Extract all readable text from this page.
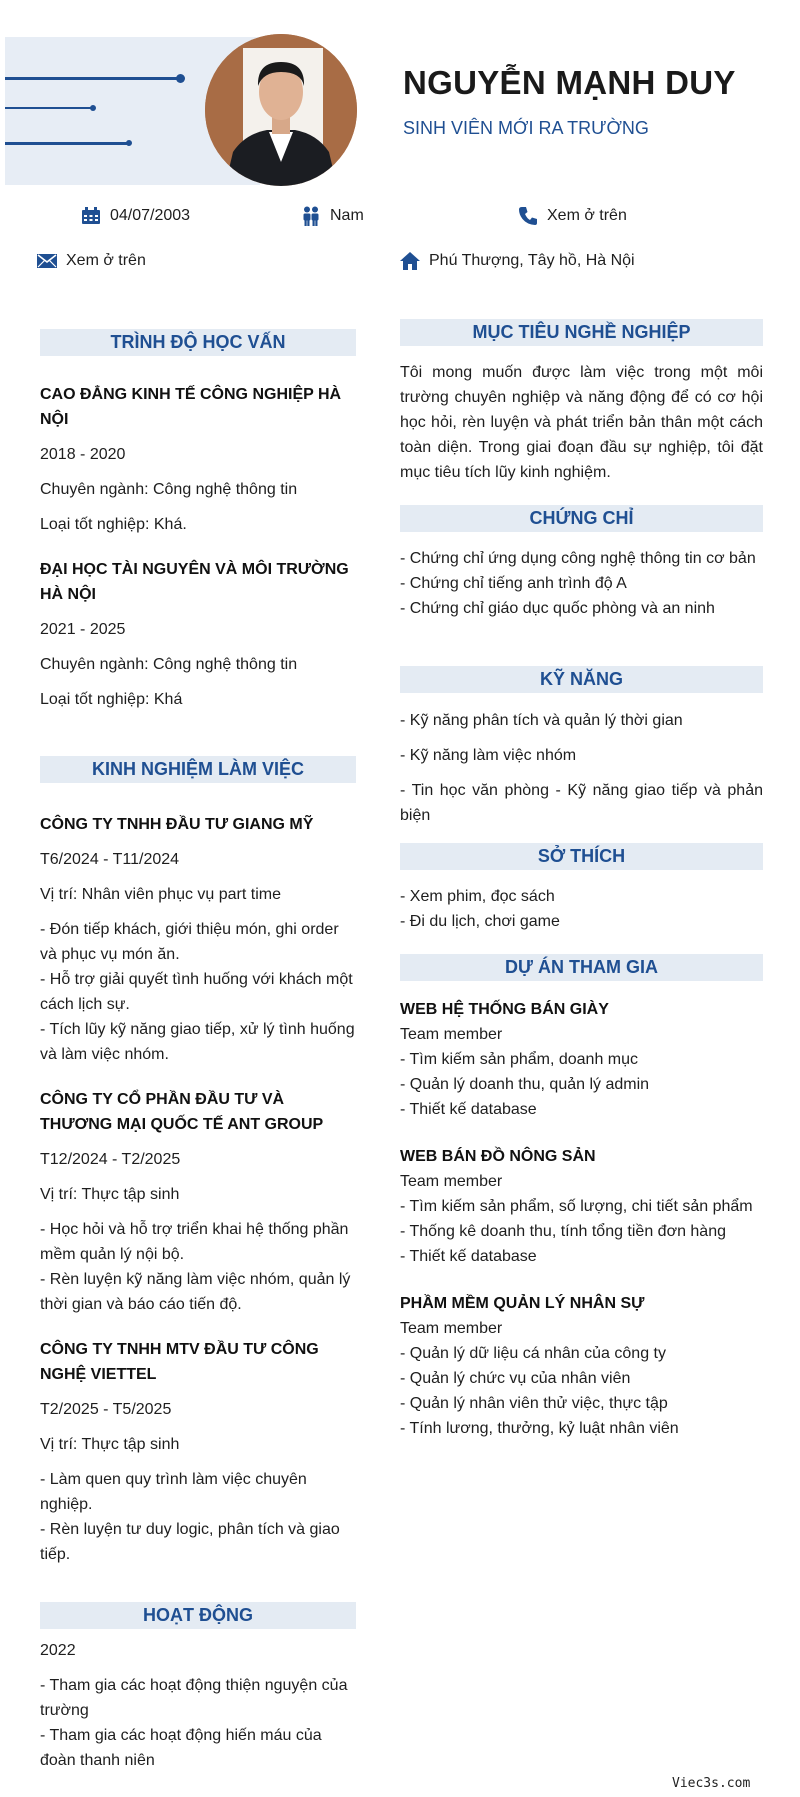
NGUYỄN MẠNH DUY
SINH VIÊN MỚI RA TRƯỜNG
04/07/2003	Nam	Xem ở trên
Xem ở trên	Phú Thượng, Tây hồ, Hà Nội
TRÌNH ĐỘ HỌC VẤN
CAO ĐẲNG KINH TẾ CÔNG NGHIỆP HÀ NỘI
2018 - 2020
Chuyên ngành: Công nghệ thông tin
Loại tốt nghiệp: Khá.
ĐẠI HỌC TÀI NGUYÊN VÀ MÔI TRƯỜNG HÀ NỘI
2021 - 2025
Chuyên ngành: Công nghệ thông tin
Loại tốt nghiệp: Khá
KINH NGHIỆM LÀM VIỆC
CÔNG TY TNHH ĐẦU TƯ GIANG MỸ
T6/2024 - T11/2024
Vị trí: Nhân viên phục vụ part time
- Đón tiếp khách, giới thiệu món, ghi order và phục vụ món ăn.
- Hỗ trợ giải quyết tình huống với khách một cách lịch sự.
- Tích lũy kỹ năng giao tiếp, xử lý tình huống và làm việc nhóm.
CÔNG TY CỔ PHẦN ĐẦU TƯ VÀ THƯƠNG MẠI QUỐC TẾ ANT GROUP
T12/2024 - T2/2025
Vị trí: Thực tập sinh
- Học hỏi và hỗ trợ triển khai hệ thống phần mềm quản lý nội bộ.
- Rèn luyện kỹ năng làm việc nhóm, quản lý thời gian và báo cáo tiến độ.
CÔNG TY TNHH MTV ĐẦU TƯ CÔNG NGHỆ VIETTEL
T2/2025 - T5/2025
Vị trí: Thực tập sinh
- Làm quen quy trình làm việc chuyên nghiệp.
- Rèn luyện tư duy logic, phân tích và giao tiếp.
HOẠT ĐỘNG
2022
- Tham gia các hoạt động thiện nguyện của trường
- Tham gia các hoạt động hiến máu của đoàn thanh niên
MỤC TIÊU NGHỀ NGHIỆP
Tôi mong muốn được làm việc trong một môi trường chuyên nghiệp và năng động để có cơ hội học hỏi, rèn luyện và phát triển bản thân một cách toàn diện. Trong giai đoạn đầu sự nghiệp, tôi đặt mục tiêu tích lũy kinh nghiệm.
CHỨNG CHỈ
- Chứng chỉ ứng dụng công nghệ thông tin cơ bản
- Chứng chỉ tiếng anh trình độ A
- Chứng chỉ giáo dục quốc phòng và an ninh
KỸ NĂNG
- Kỹ năng phân tích và quản lý thời gian
- Kỹ năng làm việc nhóm
- Tin học văn phòng - Kỹ năng giao tiếp và phản biện
SỞ THÍCH
- Xem phim, đọc sách
- Đi du lịch, chơi game
DỰ ÁN THAM GIA
WEB HỆ THỐNG BÁN GIÀY
Team member
- Tìm kiếm sản phẩm, doanh mục
- Quản lý doanh thu, quản lý admin
- Thiết kế database
WEB BÁN ĐỒ NÔNG SẢN
Team member
- Tìm kiếm sản phẩm, số lượng, chi tiết sản phẩm
- Thống kê doanh thu, tính tổng tiền đơn hàng
- Thiết kế database
PHẦM MỀM QUẢN LÝ NHÂN SỰ
Team member
- Quản lý dữ liệu cá nhân của công ty
- Quản lý chức vụ của nhân viên
- Quản lý nhân viên thử việc, thực tập
- Tính lương, thưởng, kỷ luật nhân viên
Viec3s.com
